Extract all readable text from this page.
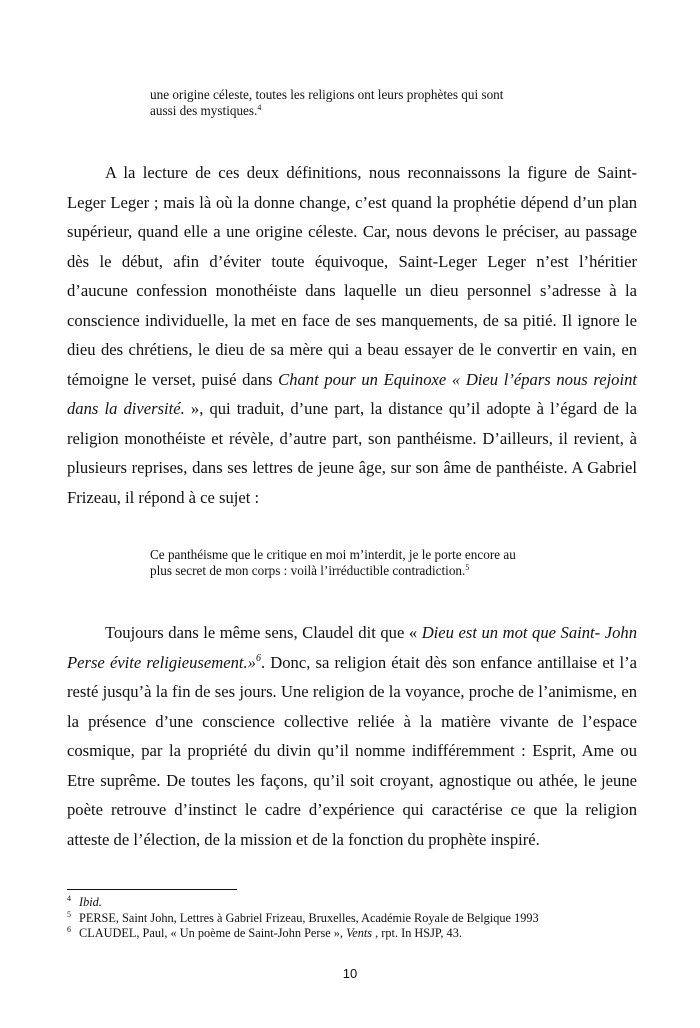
une origine céleste, toutes les religions ont leurs prophètes qui sont
aussi des mystiques.$^4$

A la lecture de ces deux définitions, nous reconnaissons la figure de Saint-Leger Leger ; mais là où la donne change, c’est quand la prophétie dépend d’un plan supérieur, quand elle a une origine céleste. Car, nous devons le préciser, au passage dès le début, afin d’éviter toute équivoque, Saint-Leger Leger n’est l’héritier d’aucune confession monothéiste dans laquelle un dieu personnel s’adresse à la conscience individuelle, la met en face de ses manquements, de sa pitié. Il ignore le dieu des chrétiens, le dieu de sa mère qui a beau essayer de le convertir en vain, en témoigne le verset, puisé dans Chant pour un Equinoxe « Dieu l’épars nous rejoint dans la diversité. », qui traduit, d’une part, la distance qu’il adopte à l’égard de la religion monothéiste et révèle, d’autre part, son panthéisme. D’ailleurs, il revient, à plusieurs reprises, dans ses lettres de jeune âge, sur son âme de panthéiste. A Gabriel Frizeau, il répond à ce sujet :

Ce panthéisme que le critique en moi m’interdit, je le porte encore au
plus secret de mon corps : voilà l’irréductible contradiction.$^5$

Toujours dans le même sens, Claudel dit que « Dieu est un mot que Saint- John Perse évite religieusement.»$^6$. Donc, sa religion était dès son enfance antillaise et l’a resté jusqu’à la fin de ses jours. Une religion de la voyance, proche de l’animisme, en la présence d’une conscience collective reliée à la matière vivante de l’espace cosmique, par la propriété du divin qu’il nomme indifféremment : Esprit, Ame ou Etre suprême. De toutes les façons, qu’il soit croyant, agnostique ou athée, le jeune poète retrouve d’instinct le cadre d’expérience qui caractérise ce que la religion atteste de l’élection, de la mission et de la fonction du prophète inspiré.

4 Ibid.
5 PERSE, Saint John, Lettres à Gabriel Frizeau, Bruxelles, Académie Royale de Belgique 1993
6 CLAUDEL, Paul, « Un poème de Saint-John Perse », Vents , rpt. In HSJP, 43.
10
